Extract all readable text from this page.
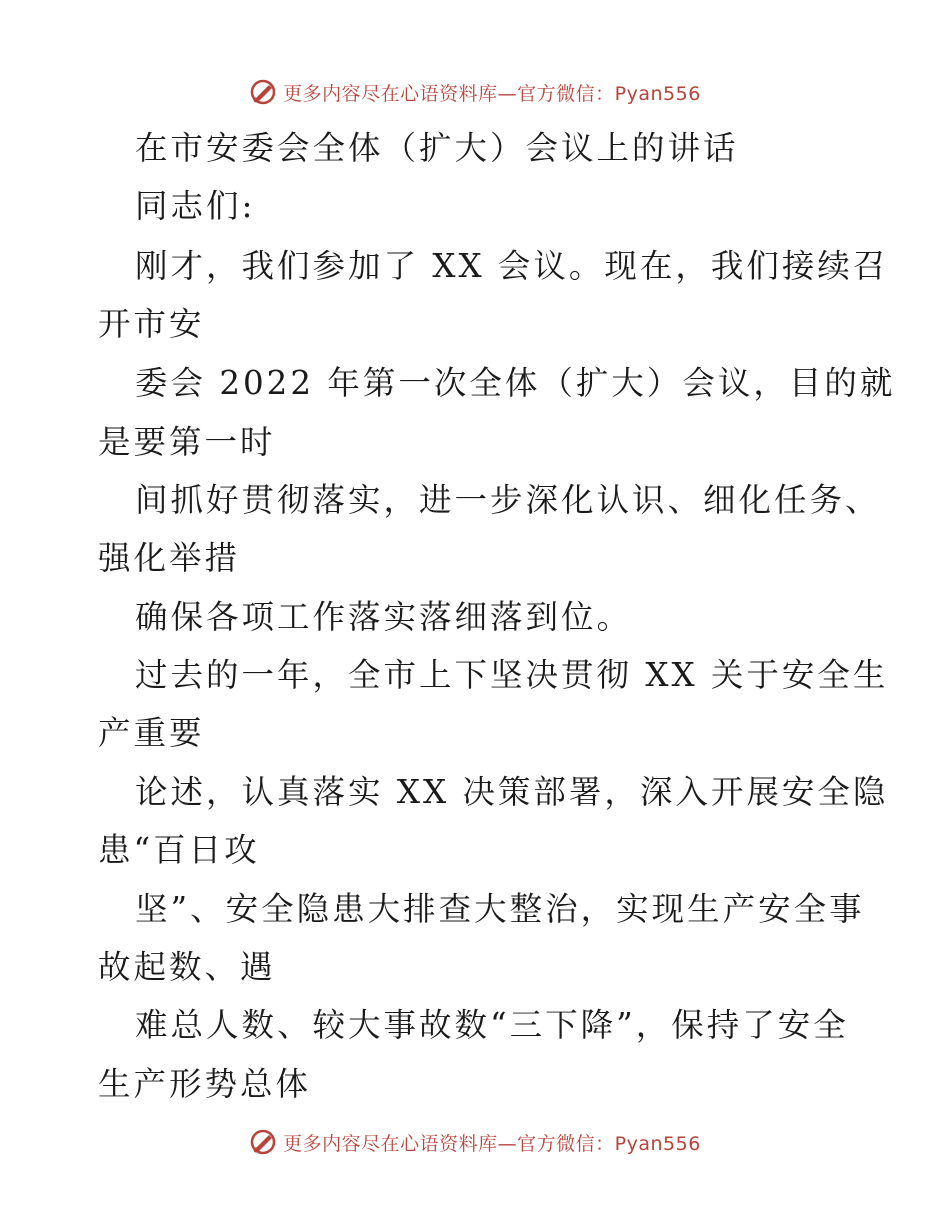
更多内容尽在心语资料库—官方微信：Pyan556
在市安委会全体（扩大）会议上的讲话
同志们:
刚才，我们参加了 XX 会议。现在，我们接续召
开市安
委会 2022 年第一次全体（扩大）会议，目的就
是要第一时
间抓好贯彻落实，进一步深化认识、细化任务、
强化举措
确保各项工作落实落细落到位。
过去的一年，全市上下坚决贯彻 XX 关于安全生
产重要
论述，认真落实 XX 决策部署，深入开展安全隐
患“百日攻
坚”、安全隐患大排查大整治，实现生产安全事
故起数、遇
难总人数、较大事故数“三下降”，保持了安全
生产形势总体
更多内容尽在心语资料库—官方微信：Pyan556
